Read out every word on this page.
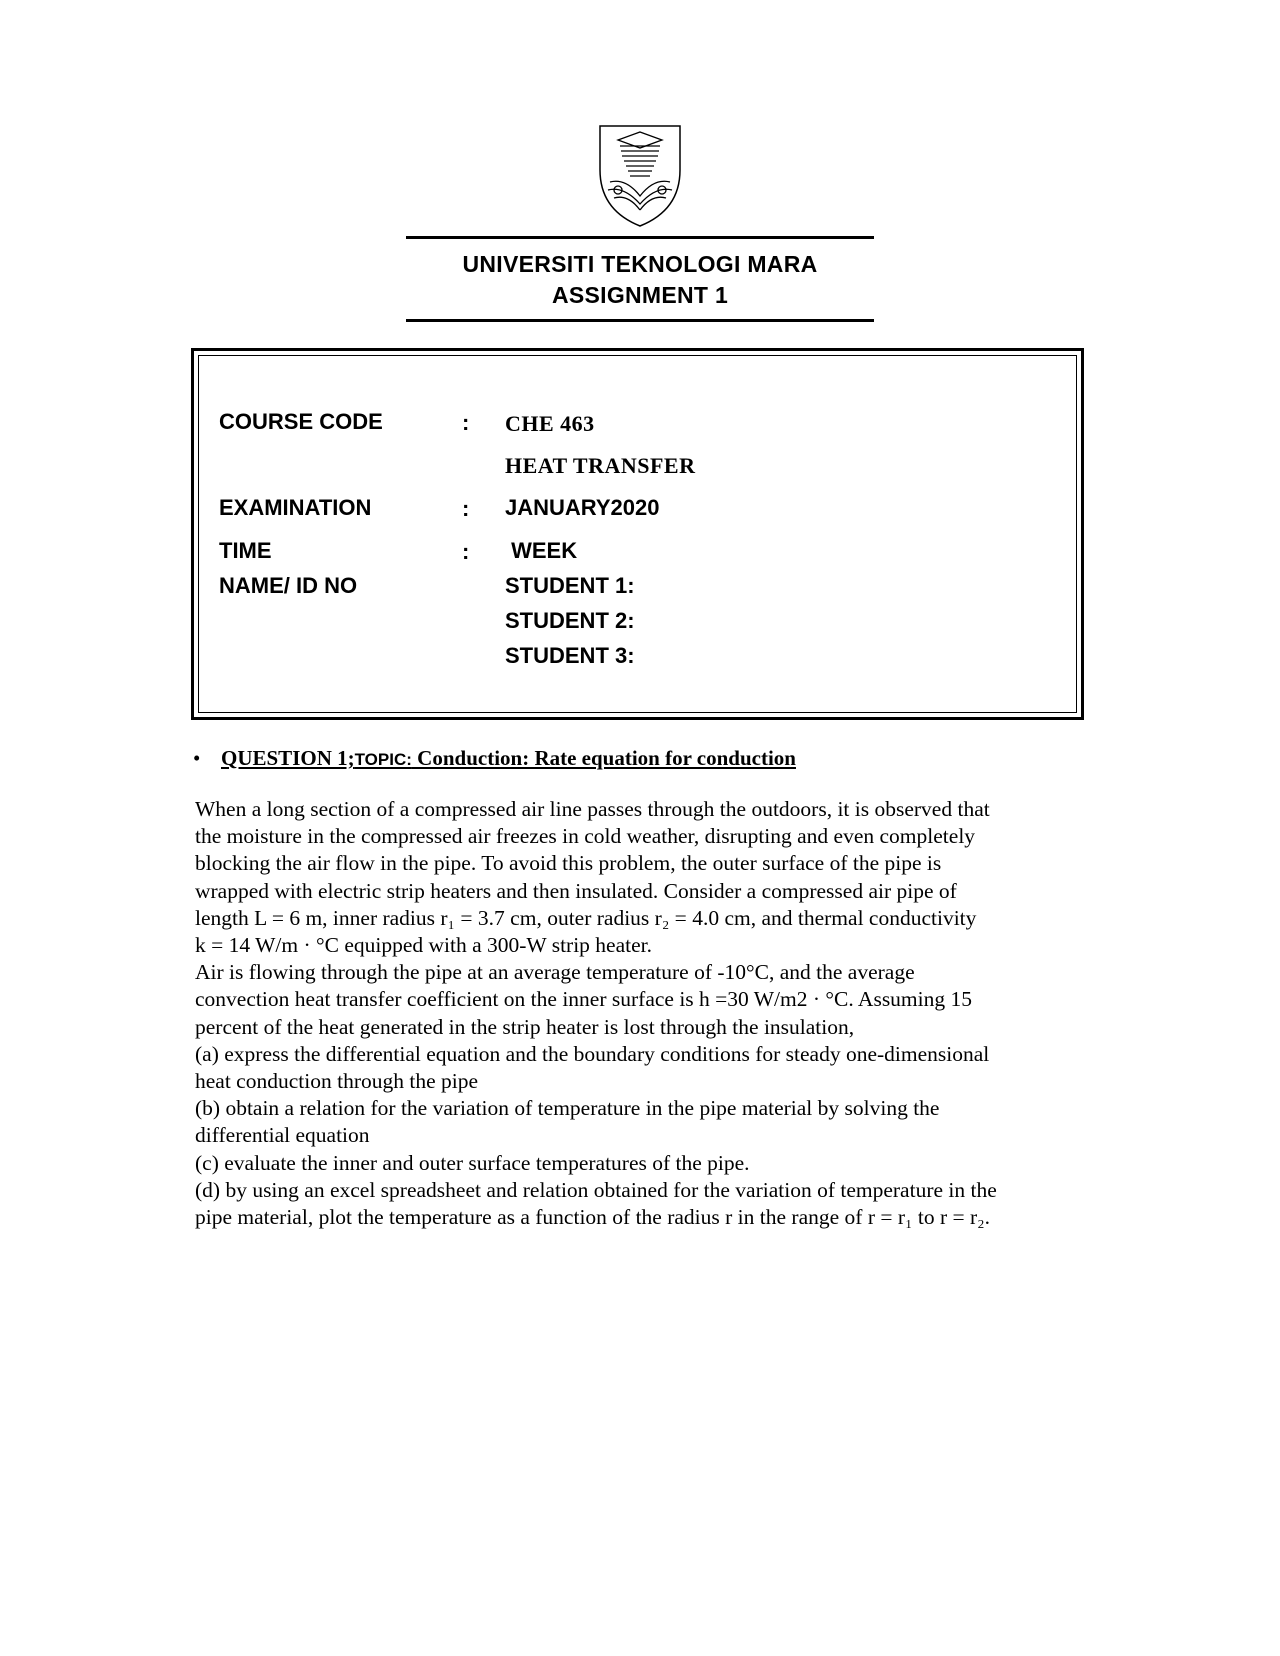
UNIVERSITI TEKNOLOGI MARA
ASSIGNMENT 1
COURSE CODE	: CHE 463
HEAT TRANSFER
EXAMINATION	: JANUARY2020
TIME	: WEEK
NAME/ ID NO	STUDENT 1:
STUDENT 2:
STUDENT 3:
• QUESTION 1;TOPIC: Conduction: Rate equation for conduction

When a long section of a compressed air line passes through the outdoors, it is observed that

the moisture in the compressed air freezes in cold weather, disrupting and even completely

blocking the air flow in the pipe. To avoid this problem, the outer surface of the pipe is

wrapped with electric strip heaters and then insulated. Consider a compressed air pipe of

length L = 6 m, inner radius r₁ = 3.7 cm, outer radius r₂ = 4.0 cm, and thermal conductivity

k = 14 W/m · °C equipped with a 300-W strip heater.

Air is flowing through the pipe at an average temperature of -10°C, and the average

convection heat transfer coefficient on the inner surface is h =30 W/m2 · °C. Assuming 15

percent of the heat generated in the strip heater is lost through the insulation,

(a) express the differential equation and the boundary conditions for steady one-dimensional

heat conduction through the pipe

(b) obtain a relation for the variation of temperature in the pipe material by solving the

differential equation

(c) evaluate the inner and outer surface temperatures of the pipe.

(d) by using an excel spreadsheet and relation obtained for the variation of temperature in the

pipe material, plot the temperature as a function of the radius r in the range of r = r₁ to r = r₂.
